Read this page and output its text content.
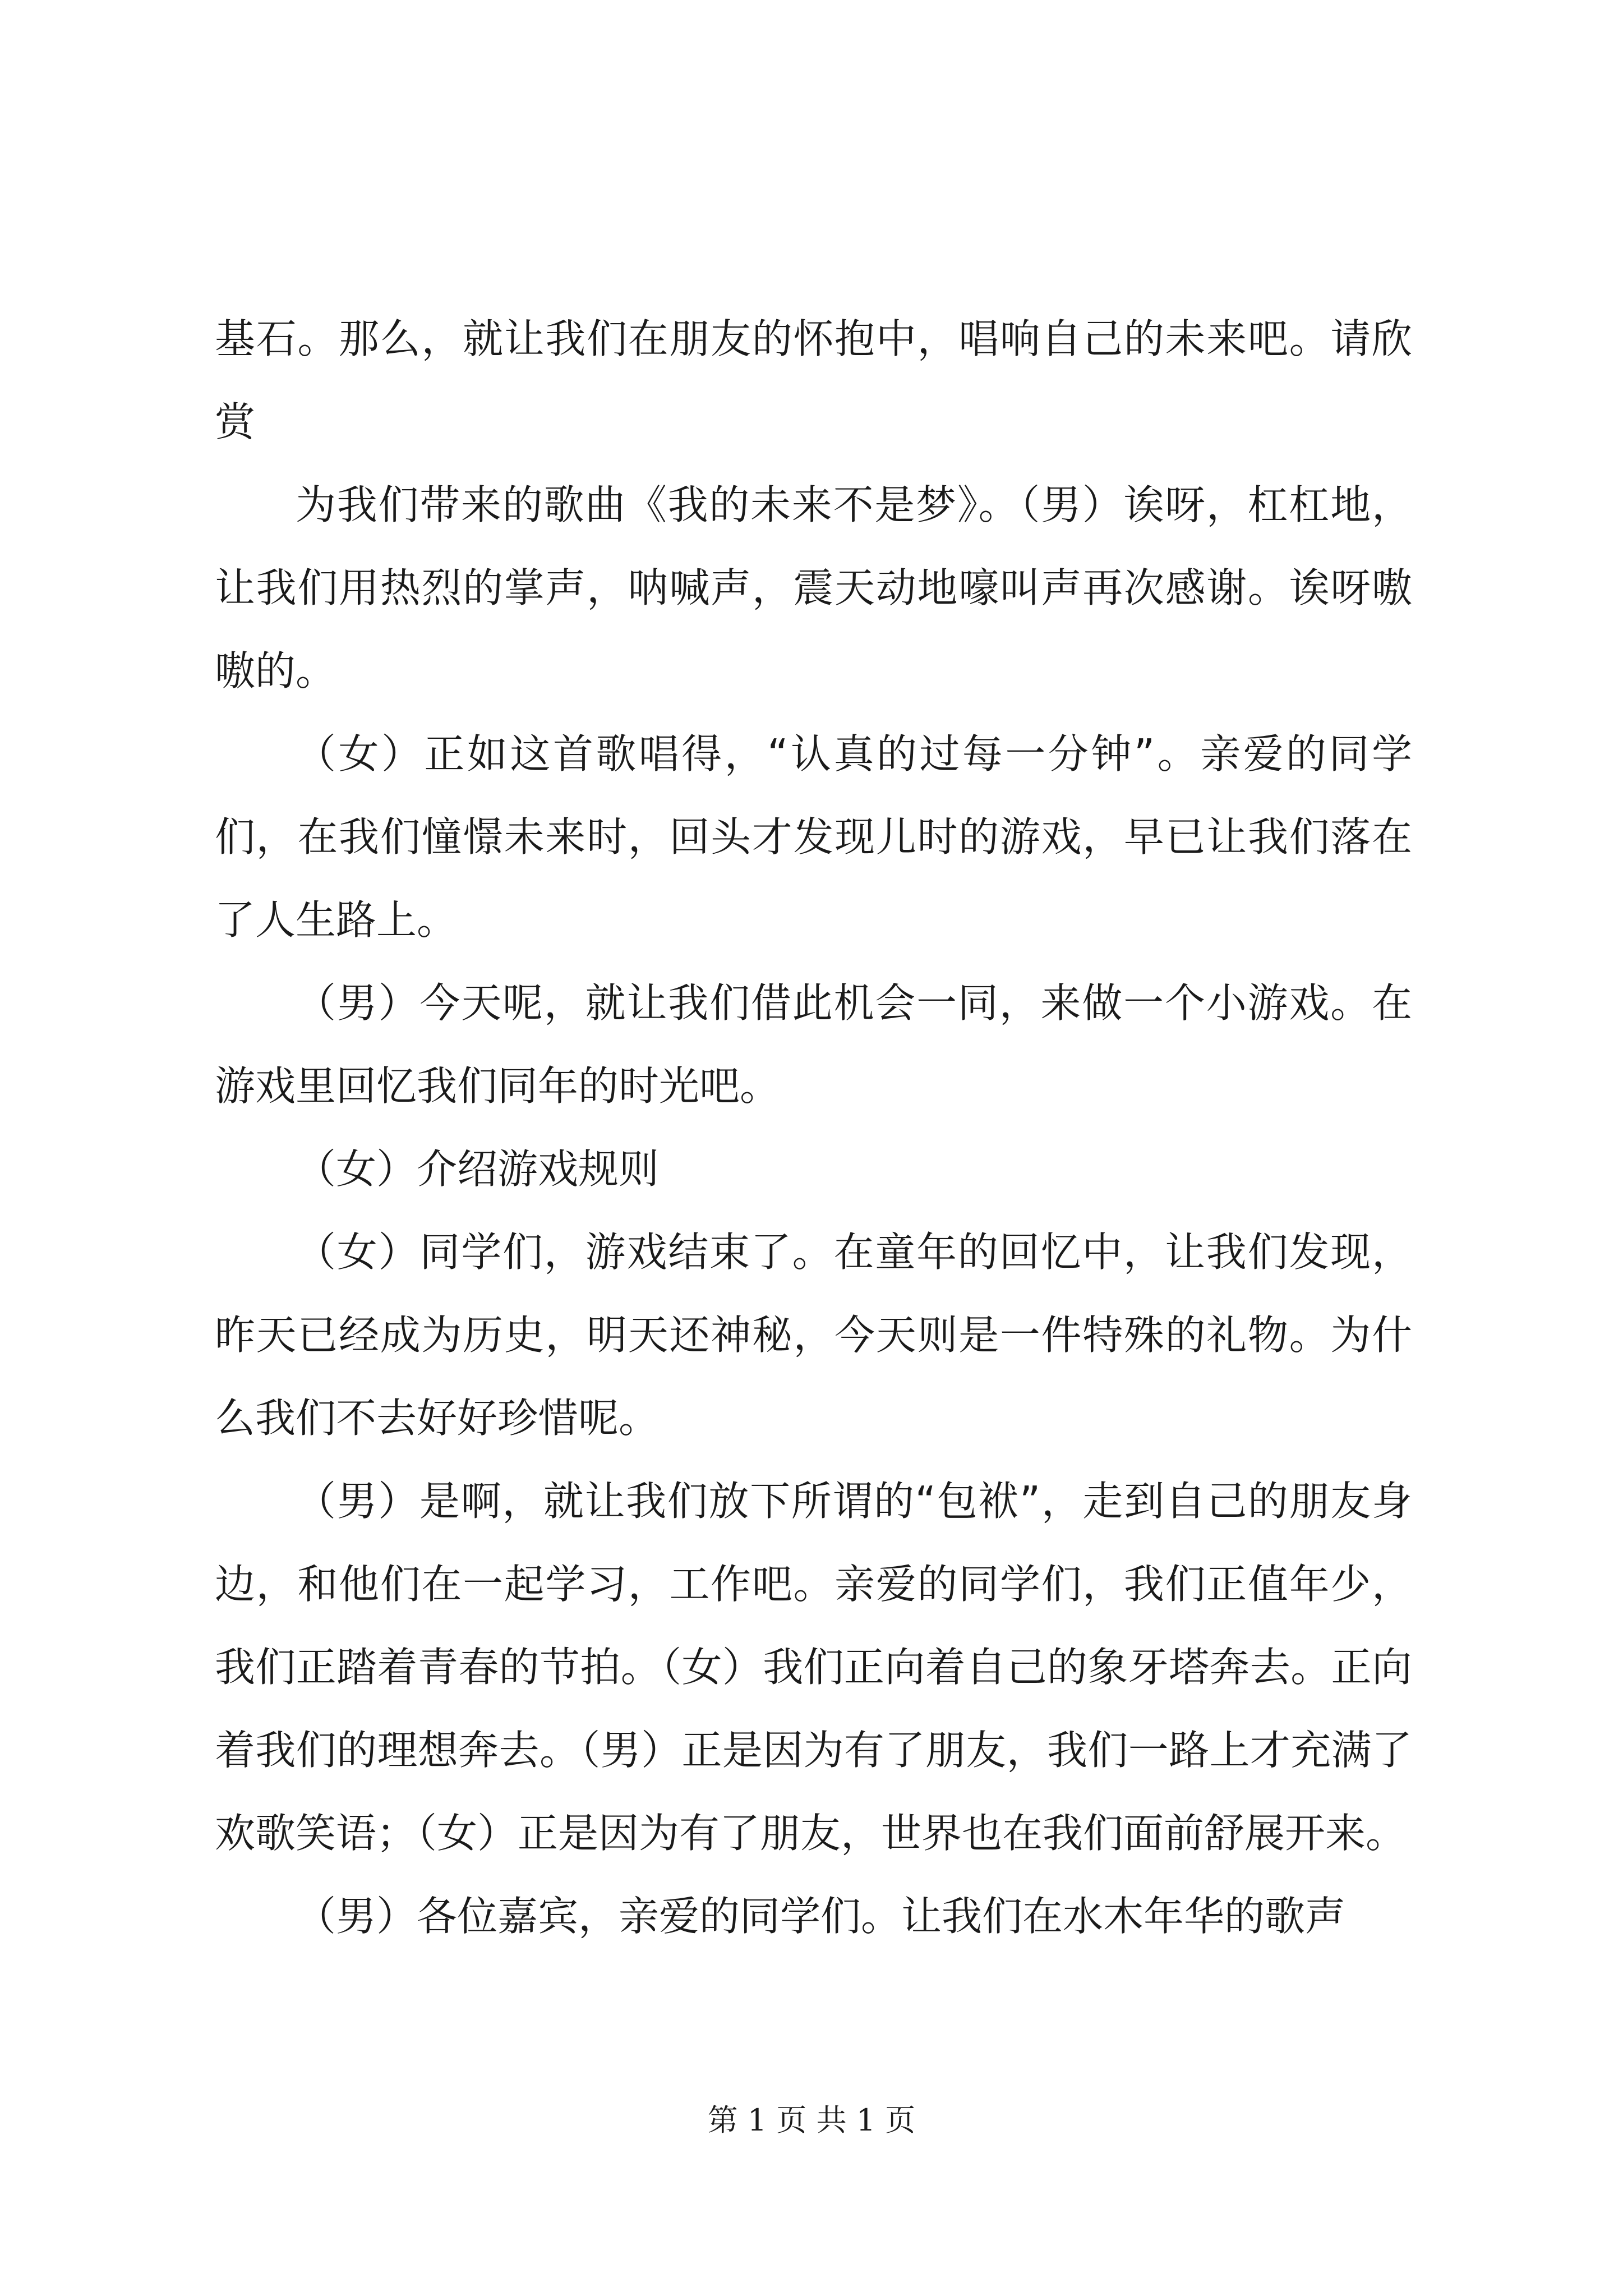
基石。那么，就让我们在朋友的怀抱中，唱响自己的未来吧。请欣赏

为我们带来的歌曲《我的未来不是梦》。（男）诶呀，杠杠地，让我们用热烈的掌声，呐喊声，震天动地嚎叫声再次感谢。诶呀嗷嗷的。

（女）正如这首歌唱得，“认真的过每一分钟”。亲爱的同学们，在我们憧憬未来时，回头才发现儿时的游戏，早已让我们落在了人生路上。

（男）今天呢，就让我们借此机会一同，来做一个小游戏。在游戏里回忆我们同年的时光吧。

（女）介绍游戏规则

（女）同学们，游戏结束了。在童年的回忆中，让我们发现，昨天已经成为历史，明天还神秘，今天则是一件特殊的礼物。为什么我们不去好好珍惜呢。

（男）是啊，就让我们放下所谓的“包袱”，走到自己的朋友身边，和他们在一起学习，工作吧。亲爱的同学们，我们正值年少，我们正踏着青春的节拍。（女）我们正向着自己的象牙塔奔去。正向着我们的理想奔去。（男）正是因为有了朋友，我们一路上才充满了欢歌笑语；（女）正是因为有了朋友，世界也在我们面前舒展开来。

（男）各位嘉宾，亲爱的同学们。让我们在水木年华的歌声

第 1 页 共 1 页
